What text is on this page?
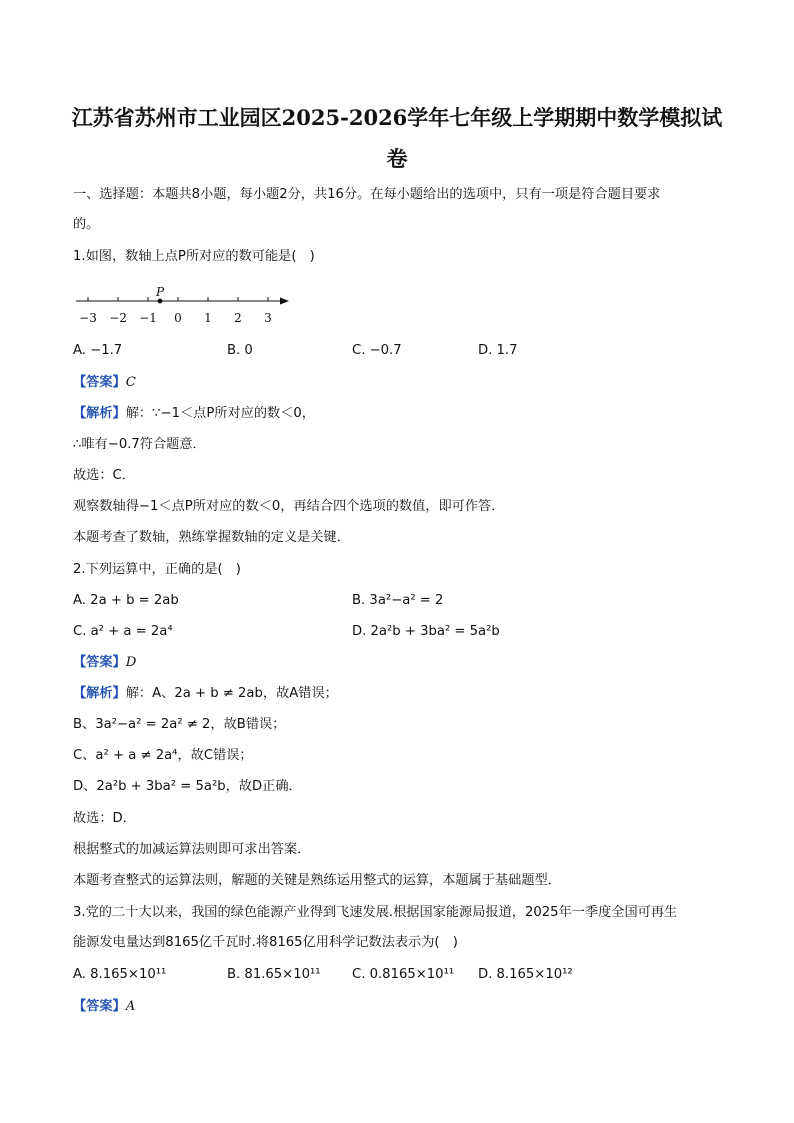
江苏省苏州市工业园区2025-2026学年七年级上学期期中数学模拟试
卷
一、选择题：本题共8小题，每小题2分，共16分。在每小题给出的选项中，只有一项是符合题目要求
的。
1.如图，数轴上点P所对应的数可能是(　)
−3 −2 −1 0 1 2 3
P
A. −1.7	B. 0	C. −0.7	D. 1.7
【答案】C
【解析】解：∵−1＜点P所对应的数＜0，
∴唯有−0.7符合题意．
故选：C．
观察数轴得−1＜点P所对应的数＜0，再结合四个选项的数值，即可作答．
本题考查了数轴，熟练掌握数轴的定义是关键．
2.下列运算中，正确的是(　)
A. 2a + b = 2ab	B. 3a²−a² = 2
C. a² + a = 2a⁴	D. 2a²b + 3ba² = 5a²b
【答案】D
【解析】解：A、2a + b ≠ 2ab，故A错误；
B、3a²−a² = 2a² ≠ 2，故B错误；
C、a² + a ≠ 2a⁴，故C错误；
D、2a²b + 3ba² = 5a²b，故D正确．
故选：D．
根据整式的加减运算法则即可求出答案．
本题考查整式的运算法则，解题的关键是熟练运用整式的运算，本题属于基础题型．
3.党的二十大以来，我国的绿色能源产业得到飞速发展.根据国家能源局报道，2025年一季度全国可再生
能源发电量达到8165亿千瓦时.将8165亿用科学记数法表示为(　)
A. 8.165×10¹¹	B. 81.65×10¹¹ C. 0.8165×10¹¹ D. 8.165×10¹²
【答案】A
